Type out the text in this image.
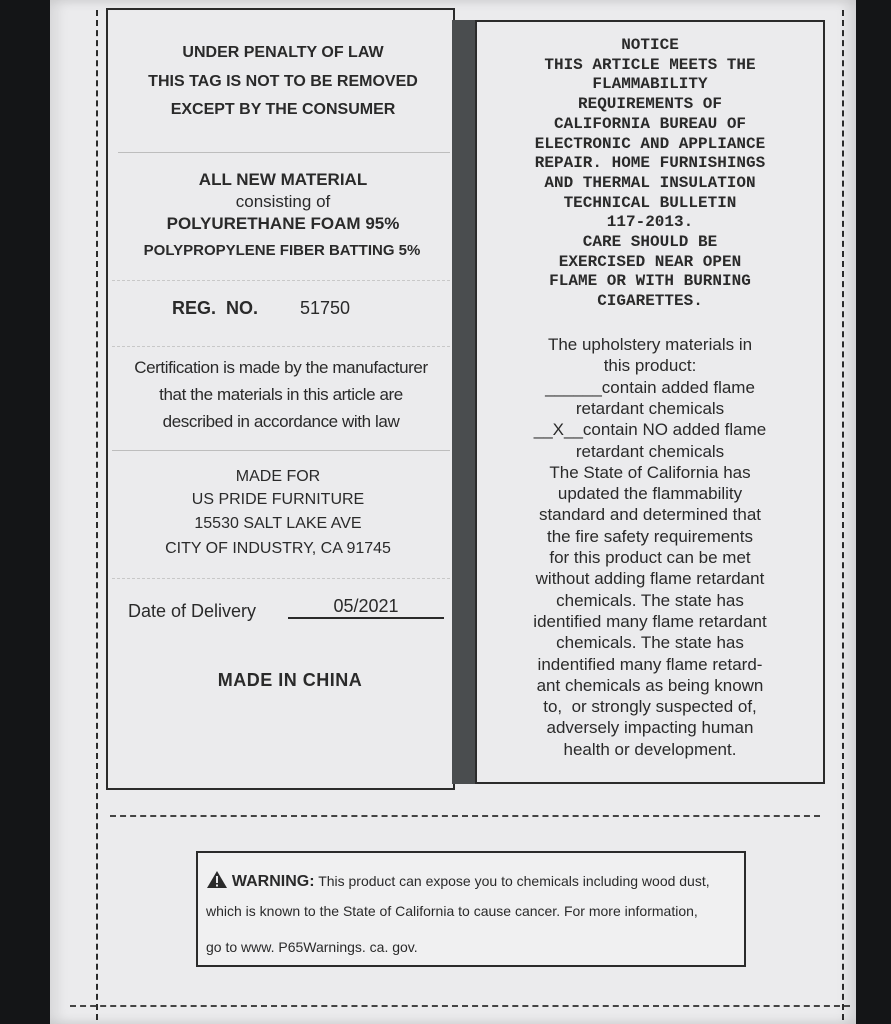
UNDER PENALTY OF LAW
THIS TAG IS NOT TO BE REMOVED
EXCEPT BY THE CONSUMER
ALL NEW MATERIAL
consisting of
POLYURETHANE FOAM 95%
POLYPROPYLENE FIBER BATTING 5%
REG.  NO. 51750
Certification is made by the manufacturer
that the materials in this article are
described in accordance with law
MADE FOR
US PRIDE FURNITURE
15530 SALT LAKE AVE
CITY OF INDUSTRY, CA 91745
Date of Delivery	05/2021
MADE IN CHINA
NOTICE
THIS ARTICLE MEETS THE
FLAMMABILITY
REQUIREMENTS OF
CALIFORNIA BUREAU OF
ELECTRONIC AND APPLIANCE
REPAIR. HOME FURNISHINGS
AND THERMAL INSULATION
TECHNICAL BULLETIN
117-2013.
CARE SHOULD BE
EXERCISED NEAR OPEN
FLAME OR WITH BURNING
CIGARETTES.
The upholstery materials in
this product:
______contain added flame
retardant chemicals
__X__contain NO added flame
retardant chemicals
The State of California has
updated the flammability
standard and determined that
the fire safety requirements
for this product can be met
without adding flame retardant
chemicals. The state has
identified many flame retardant
chemicals. The state has
indentified many flame retard-
ant chemicals as being known
to,  or strongly suspected of,
adversely impacting human
health or development.
WARNING: This product can expose you to chemicals including wood dust,
which is known to the State of California to cause cancer. For more information,
go to www. P65Warnings. ca. gov.
